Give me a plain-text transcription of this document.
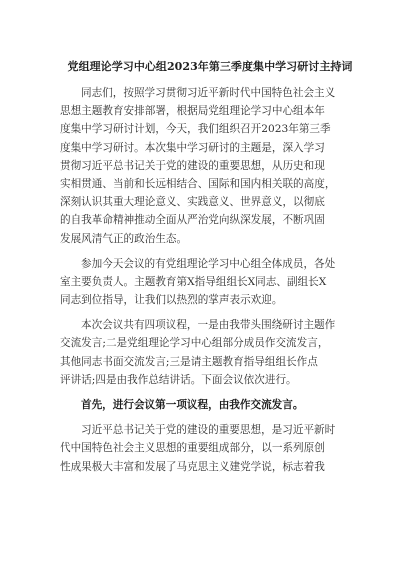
党组理论学习中心组2023年第三季度集中学习研讨主持词
同志们，按照学习贯彻习近平新时代中国特色社会主义
思想主题教育安排部署，根据局党组理论学习中心组本年
度集中学习研讨计划，今天，我们组织召开2023年第三季
度集中学习研讨。本次集中学习研讨的主题是，深入学习
贯彻习近平总书记关于党的建设的重要思想，从历史和现
实相贯通、当前和长远相结合、国际和国内相关联的高度，
深刻认识其重大理论意义、实践意义、世界意义，以彻底
的自我革命精神推动全面从严治党向纵深发展，不断巩固
发展风清气正的政治生态。
参加今天会议的有党组理论学习中心组全体成员，各处
室主要负责人。主题教育第X指导组组长X同志、副组长X
同志到位指导，让我们以热烈的掌声表示欢迎。
本次会议共有四项议程，一是由我带头围绕研讨主题作
交流发言;二是党组理论学习中心组部分成员作交流发言，
其他同志书面交流发言;三是请主题教育指导组组长作点
评讲话;四是由我作总结讲话。下面会议依次进行。
首先，进行会议第一项议程，由我作交流发言。
习近平总书记关于党的建设的重要思想，是习近平新时
代中国特色社会主义思想的重要组成部分，以一系列原创
性成果极大丰富和发展了马克思主义建党学说，标志着我
